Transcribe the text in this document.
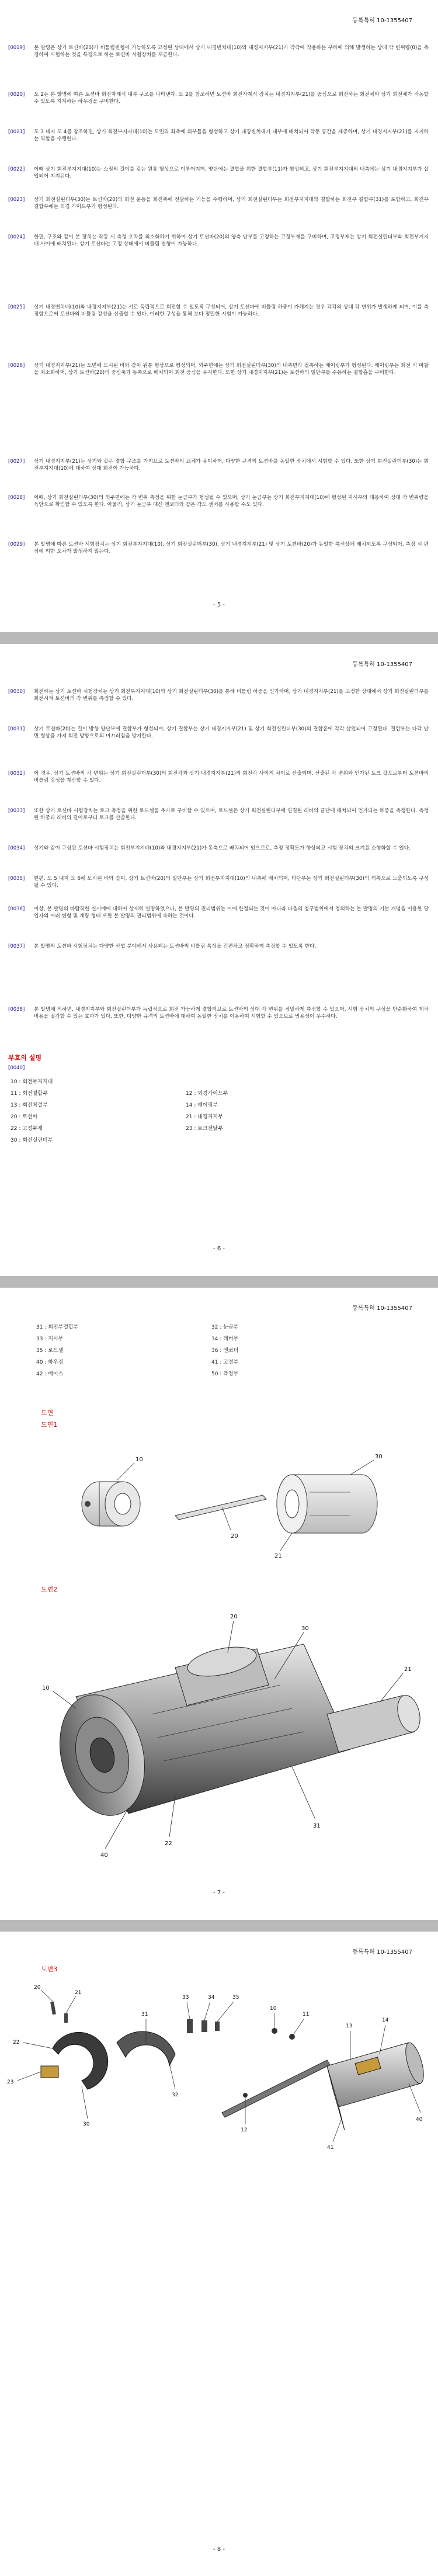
등록특허 10-1355407
[0019] 본 발명은 상기 토션바(20)가 비틀림변형이 가능하도록 고정된 상태에서 상기 내경변치대(10)와 내경지지부(21)가 각각에 작용하는 부하에 의해 발생하는 상대 각 변위량(θ)을 측정하여 시험하는 것을 특징으로 하는 토션바 시험장치를 제공한다.
[0020] 도 2는 본 발명에 따른 토션바 회전자계식 내부 구조를 나타낸다. 도 2를 참조하면 토션바 회전자계식 장치는 내경지지부(21)를 중심으로 회전하는 회전체와 상기 회전체가 작동할 수 있도록 지지하는 하우징을 구비한다.
[0021] 도 3 내지 도 4를 참조하면, 상기 회전부지지대(10)는 도면의 좌측에 외부틀을 형성하고 상기 내경변치대가 내부에 배치되어 작동 공간을 제공하며, 상기 내경지지부(21)를 지지하는 역할을 수행한다.
[0022] 이때 상기 회전부지지대(10)는 소정의 길이를 갖는 원통 형상으로 이루어지며, 양단에는 결합을 위한 결합부(11)가 형성되고, 상기 회전부지지대의 내측에는 상기 내경지지부가 삽입되어 지지된다.
[0023] 상기 회전실린더부(30)는 토션바(20)의 회전 운동을 회전축에 전달하는 기능을 수행하며, 상기 회전실린더부는 회전부지지대와 결합하는 회전부 결합부(31)를 포함하고, 회전부 결합부에는 외경 가이드부가 형성된다.
[0024] 한편, 구조와 같이 본 장치는 작동 시 측정 오차를 최소화하기 위하여 상기 토션바(20)의 양측 단부를 고정하는 고정부재를 구비하며, 고정부재는 상기 회전실린더부와 회전부지지대 사이에 배치된다. 상기 토션바는 고정 상태에서 비틀림 변형이 가능하다.
[0025] 상기 내경변치대(10)와 내경지지부(21)는 서로 독립적으로 회전할 수 있도록 구성되어, 상기 토션바에 비틀림 하중이 가해지는 경우 각각의 상대 각 변위가 발생하게 되며, 이를 측정함으로써 토션바의 비틀림 강성을 산출할 수 있다. 이러한 구성을 통해 보다 정밀한 시험이 가능하다.
[0026] 상기 내경지지부(21)는 도면에 도시된 바와 같이 원통 형상으로 형성되며, 외주면에는 상기 회전실린더부(30)의 내측면과 접촉하는 베어링부가 형성된다. 베어링부는 회전 시 마찰을 최소화하며, 상기 토션바(20)의 중심축과 동축으로 배치되어 회전 중심을 유지한다. 또한 상기 내경지지부(21)는 토션바의 일단부를 수용하는 결합홈을 구비한다.
[0027] 상기 내경지지부(21)는 상기와 같은 결합 구조를 가지므로 토션바의 교체가 용이하며, 다양한 규격의 토션바를 동일한 장치에서 시험할 수 있다. 또한 상기 회전실린더부(30)는 회전부지지대(10)에 대하여 상대 회전이 가능하다.
[0028] 이때, 상기 회전실린더부(30)의 외주면에는 각 변위 측정을 위한 눈금부가 형성될 수 있으며, 상기 눈금부는 상기 회전부지지대(10)에 형성된 지시부와 대응하여 상대 각 변위량을 육안으로 확인할 수 있도록 한다. 아울러, 상기 눈금부 대신 엔코더와 같은 각도 센서를 사용할 수도 있다.
[0029] 본 발명에 따른 토션바 시험장치는 상기 회전부지지대(10), 상기 회전실린더부(30), 상기 내경지지부(21) 및 상기 토션바(20)가 동일한 축선상에 배치되도록 구성되어, 측정 시 편심에 의한 오차가 발생하지 않는다.
- 5 -
등록특허 10-1355407
[0030] 회전하는 상기 토션바 시험장치는 상기 회전부지지대(10)와 상기 회전실린더부(30)를 통해 비틀림 하중을 인가하며, 상기 내경지지부(21)를 고정한 상태에서 상기 회전실린더부를 회전시켜 토션바의 각 변위를 측정할 수 있다.
[0031] 상기 토션바(20)는 길이 방향 양단부에 결합부가 형성되며, 상기 결합부는 상기 내경지지부(21) 및 상기 회전실린더부(30)의 결합홈에 각각 삽입되어 고정된다. 결합부는 다각 단면 형상을 가져 회전 방향으로의 미끄러짐을 방지한다.
[0032] 이 경우, 상기 토션바의 각 변위는 상기 회전실린더부(30)의 회전각과 상기 내경지지부(21)의 회전각 사이의 차이로 산출되며, 산출된 각 변위와 인가된 토크 값으로부터 토션바의 비틀림 강성을 계산할 수 있다.
[0033] 또한 상기 토션바 시험장치는 토크 측정을 위한 로드셀을 추가로 구비할 수 있으며, 로드셀은 상기 회전실린더부에 연결된 레버의 끝단에 배치되어 인가되는 하중을 측정한다. 측정된 하중과 레버의 길이로부터 토크를 산출한다.
[0034] 상기와 같이 구성된 토션바 시험장치는 회전부지지대(10)와 내경지지부(21)가 동축으로 배치되어 있으므로, 측정 정확도가 향상되고 시험 장치의 크기를 소형화할 수 있다.
[0035] 한편, 도 5 내지 도 6에 도시된 바와 같이, 상기 토션바(20)의 일단부는 상기 회전부지지대(10)의 내측에 배치되며, 타단부는 상기 회전실린더부(30)의 외측으로 노출되도록 구성될 수 있다.
[0036] 이상, 본 발명의 바람직한 실시예에 대하여 상세히 설명하였으나, 본 발명의 권리범위는 이에 한정되는 것이 아니라 다음의 청구범위에서 정의하는 본 발명의 기본 개념을 이용한 당업자의 여러 변형 및 개량 형태 또한 본 발명의 권리범위에 속하는 것이다.
[0037] 본 발명의 토션바 시험장치는 다양한 산업 분야에서 사용되는 토션바의 비틀림 특성을 간편하고 정확하게 측정할 수 있도록 한다.
[0038] 본 발명에 의하면, 내경지지부와 회전실린더부가 독립적으로 회전 가능하게 결합되므로 토션바의 상대 각 변위를 정밀하게 측정할 수 있으며, 시험 장치의 구성을 단순화하여 제작 비용을 절감할 수 있는 효과가 있다. 또한, 다양한 규격의 토션바에 대하여 동일한 장치를 이용하여 시험할 수 있으므로 범용성이 우수하다.
부호의 설명
[0040]
10 : 회전부지지대
11 : 회전결합부	12 : 외경가이드부
13 : 회전체결부	14 : 베어링부
20 : 토션바	21 : 내경지지부
22 : 고정부재	23 : 토크전달부
30 : 회전실린더부
- 6 -
등록특허 10-1355407
31 : 회전부결합부	32 : 눈금부
33 : 지시부	34 : 레버부
35 : 로드셀	36 : 엔코더
40 : 하우징	41 : 고정부
42 : 베이스	50 : 측정부
도면
도면1
10
20
30
21
도면2
10
20
30
21
22
31
40
- 7 -
등록특허 10-1355407
도면3
20
21
22
23
30
31
32
33	34	35
10
11
12
13
14
40
41
- 8 -
